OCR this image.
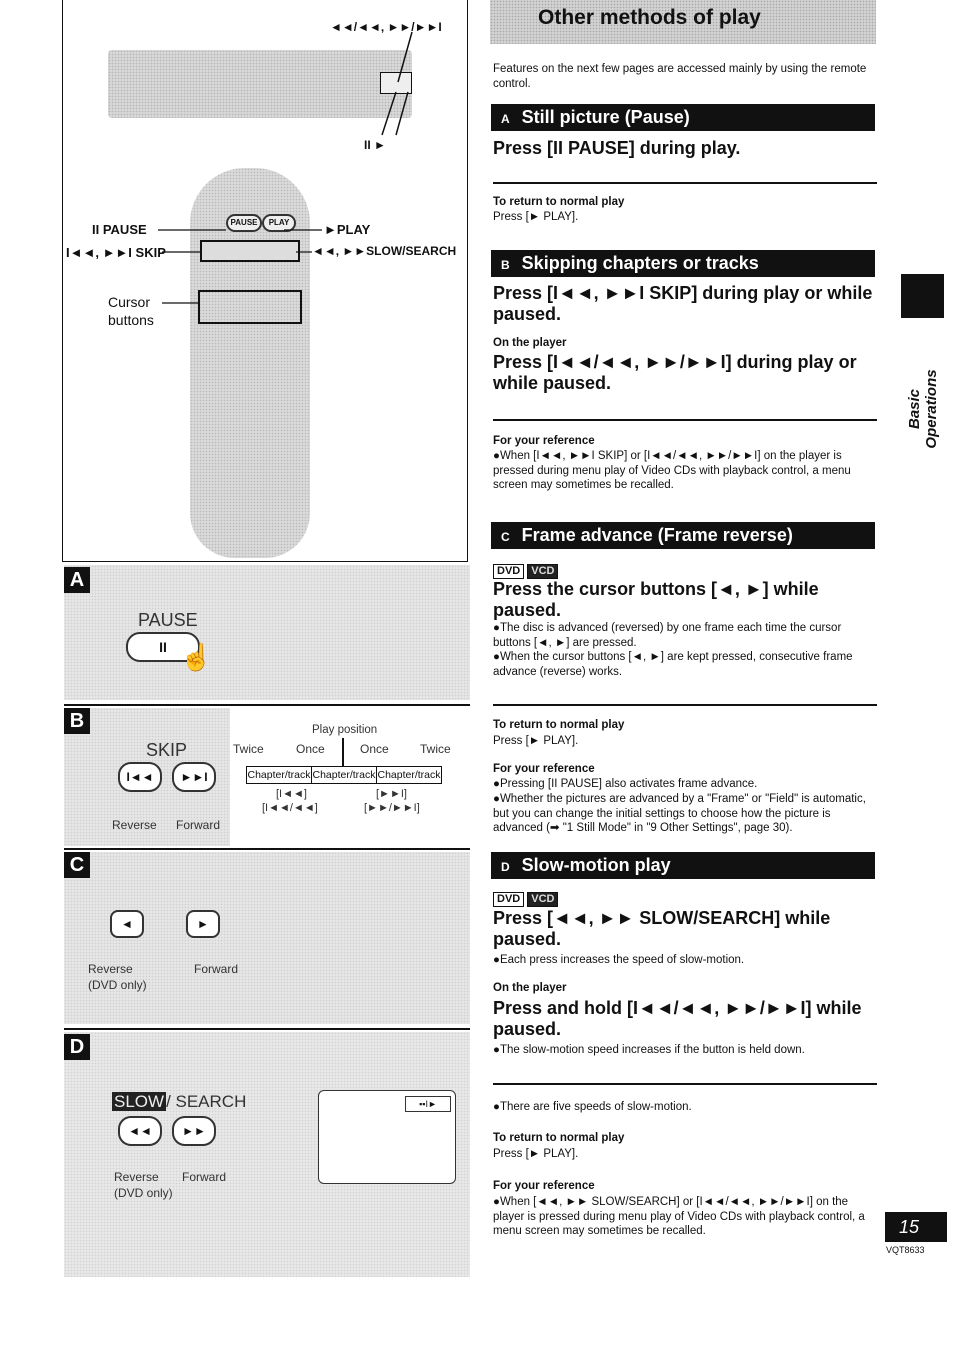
◄◄/◄◄, ►►/►►I
II ►
PAUSE	PLAY
II PAUSE	►PLAY
I◄◄, ►►I SKIP	◄◄, ►►SLOW/SEARCH
Cursor buttons
A
PAUSE
II ☝
B
SKIP
I◄◄	►►I
Reverse Forward
Play position
Twice	Once	Once	Twice
Chapter/track Chapter/track Chapter/track
[I◄◄]	[►►I]
[I◄◄/◄◄]	[►►/►►I]
C
◄	►
Reverse	Forward
(DVD only)
D
SLOW / SEARCH
◄◄	►►
Reverse Forward
(DVD only)
▪▪I►
Other methods of play
Features on the next few pages are accessed mainly by using the remote control.
A Still picture (Pause)
Press [II PAUSE] during play.
To return to normal play
Press [► PLAY].
B Skipping chapters or tracks
Press [I◄◄, ►►I SKIP] during play or while paused.
On the player
Press [I◄◄/◄◄, ►►/►►I] during play or while paused.
For your reference
●When [I◄◄, ►►I SKIP] or [I◄◄/◄◄, ►►/►►I] on the player is pressed during menu play of Video CDs with playback control, a menu screen may sometimes be recalled.
C Frame advance (Frame reverse)
DVD VCD
Press the cursor buttons [◄, ►] while paused.
●The disc is advanced (reversed) by one frame each time the cursor buttons [◄, ►] are pressed.
●When the cursor buttons [◄, ►] are kept pressed, consecutive frame advance (reverse) works.
To return to normal play
Press [► PLAY].
For your reference
●Pressing [II PAUSE] also activates frame advance.
●Whether the pictures are advanced by a "Frame" or "Field" is automatic, but you can change the initial settings to choose how the picture is advanced (➡ "1 Still Mode" in "9 Other Settings", page 30).
D Slow-motion play
DVD VCD
Press [◄◄, ►► SLOW/SEARCH] while paused.
●Each press increases the speed of slow-motion.
On the player
Press and hold [I◄◄/◄◄, ►►/►►I] while paused.
●The slow-motion speed increases if the button is held down.
●There are five speeds of slow-motion.
To return to normal play
Press [► PLAY].
For your reference
●When [◄◄, ►► SLOW/SEARCH] or [I◄◄/◄◄, ►►/►►I] on the player is pressed during menu play of Video CDs with playback control, a menu screen may sometimes be recalled.
Basic Operations
15
VQT8633
